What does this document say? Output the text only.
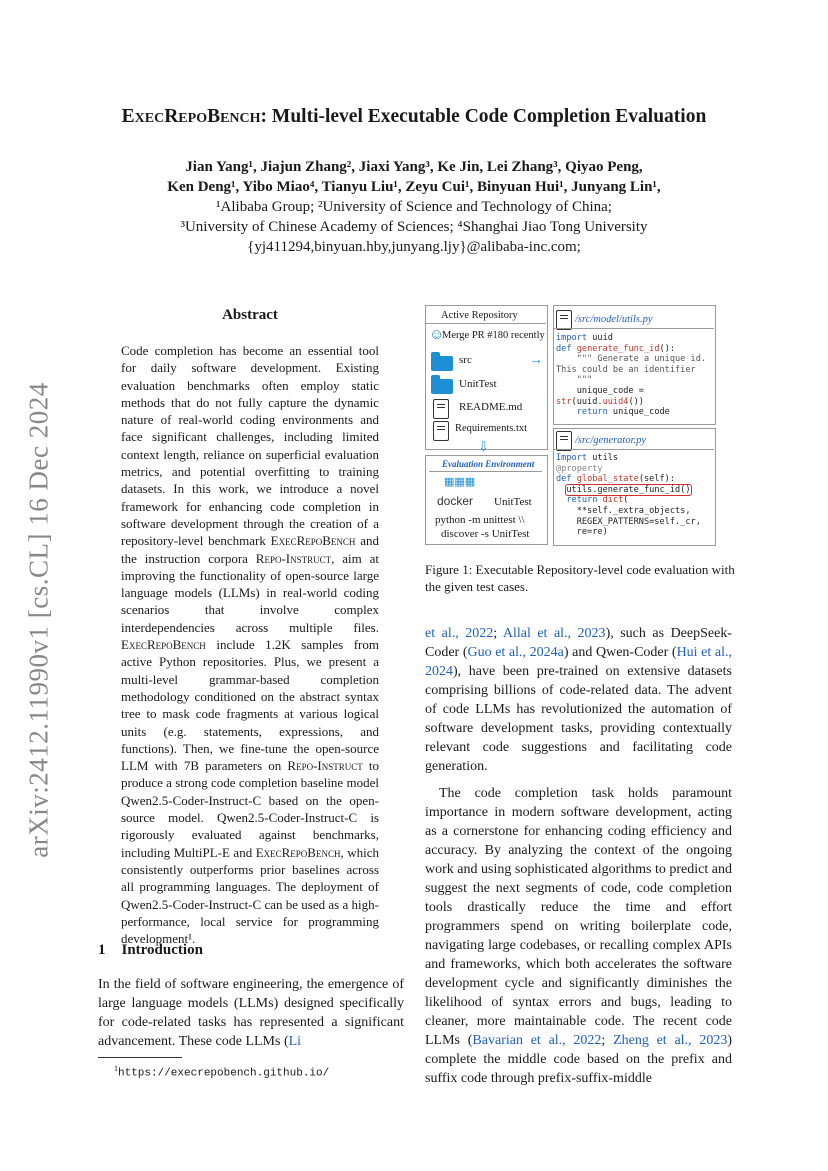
arXiv:2412.11990v1 [cs.CL] 16 Dec 2024
ExecRepoBench: Multi-level Executable Code Completion Evaluation
Jian Yang¹, Jiajun Zhang², Jiaxi Yang³, Ke Jin, Lei Zhang³, Qiyao Peng,
Ken Deng¹, Yibo Miao⁴, Tianyu Liu¹, Zeyu Cui¹, Binyuan Hui¹, Junyang Lin¹,
¹Alibaba Group; ²University of Science and Technology of China;
³University of Chinese Academy of Sciences; ⁴Shanghai Jiao Tong University
{yj411294,binyuan.hby,junyang.ljy}@alibaba-inc.com;
Abstract
Code completion has become an essential tool for daily software development. Existing evaluation benchmarks often employ static methods that do not fully capture the dynamic nature of real-world coding environments and face significant challenges, including limited context length, reliance on superficial evaluation metrics, and potential overfitting to training datasets. In this work, we introduce a novel framework for enhancing code completion in software development through the creation of a repository-level benchmark ExecRepoBench and the instruction corpora Repo-Instruct, aim at improving the functionality of open-source large language models (LLMs) in real-world coding scenarios that involve complex interdependencies across multiple files. ExecRepoBench include 1.2K samples from active Python repositories. Plus, we present a multi-level grammar-based completion methodology conditioned on the abstract syntax tree to mask code fragments at various logical units (e.g. statements, expressions, and functions). Then, we fine-tune the open-source LLM with 7B parameters on Repo-Instruct to produce a strong code completion baseline model Qwen2.5-Coder-Instruct-C based on the open-source model. Qwen2.5-Coder-Instruct-C is rigorously evaluated against benchmarks, including MultiPL-E and ExecRepoBench, which consistently outperforms prior baselines across all programming languages. The deployment of Qwen2.5-Coder-Instruct-C can be used as a high-performance, local service for programming development¹.
1 Introduction
In the field of software engineering, the emergence of large language models (LLMs) designed specifically for code-related tasks has represented a significant advancement. These code LLMs (Li
$^1$https://execrepobench.github.io/
Active Repository
☺
Merge PR #180 recently
src
UnitTest
README.md
Requirements.txt
⇩
Evaluation Environment
▦▦▦
docker UnitTest
python -m unittest \\
discover -s UnitTest
→
/src/model/utils.py
import uuid
def generate_func_id():
""" Generate a unique id.
This could be an identifier
"""
unique_code =
str(uuid.uuid4())
return unique_code
/src/generator.py
Import utils
@property
def global_state(self):
utils.generate_func_id()
return dict(
**self._extra_objects,
REGEX_PATTERNS=self._cr,
re=re)
Figure 1: Executable Repository-level code evaluation with the given test cases.

et al., 2022; Allal et al., 2023), such as DeepSeek-Coder (Guo et al., 2024a) and Qwen-Coder (Hui et al., 2024), have been pre-trained on extensive datasets comprising billions of code-related data. The advent of code LLMs has revolutionized the automation of software development tasks, providing contextually relevant code suggestions and facilitating code generation.

The code completion task holds paramount importance in modern software development, acting as a cornerstone for enhancing coding efficiency and accuracy. By analyzing the context of the ongoing work and using sophisticated algorithms to predict and suggest the next segments of code, code completion tools drastically reduce the time and effort programmers spend on writing boilerplate code, navigating large codebases, or recalling complex APIs and frameworks, which both accelerates the software development cycle and significantly diminishes the likelihood of syntax errors and bugs, leading to cleaner, more maintainable code. The recent code LLMs (Bavarian et al., 2022; Zheng et al., 2023) complete the middle code based on the prefix and suffix code through prefix-suffix-middle
